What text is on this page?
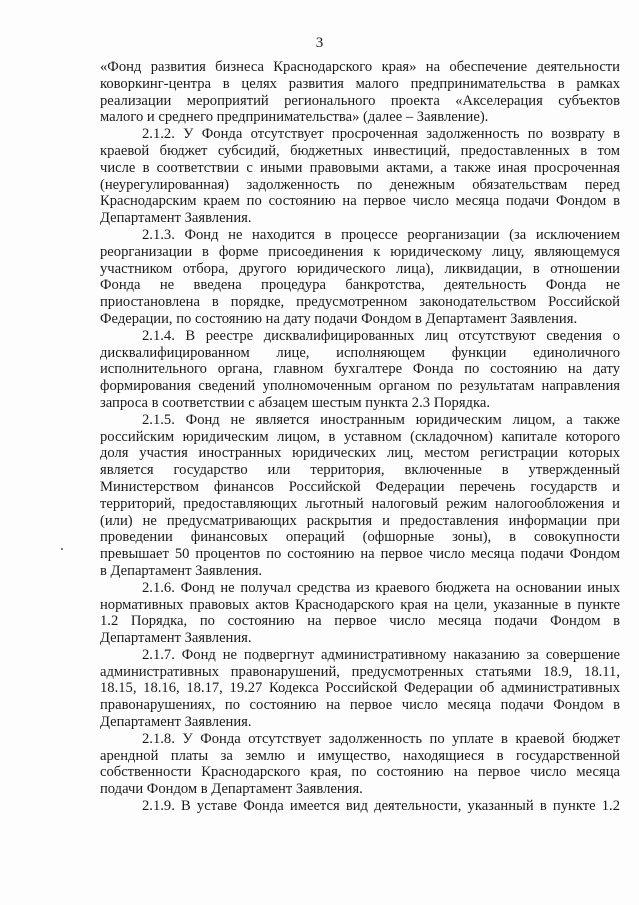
3
«Фонд развития бизнеса Краснодарского края» на обеспечение деятельности
коворкинг-центра в целях развития малого предпринимательства в рамках
реализации мероприятий регионального проекта «Акселерация субъектов
малого и среднего предпринимательства» (далее – Заявление).
2.1.2. У Фонда отсутствует просроченная задолженность по возврату в
краевой бюджет субсидий, бюджетных инвестиций, предоставленных в том
числе в соответствии с иными правовыми актами, а также иная просроченная
(неурегулированная) задолженность по денежным обязательствам перед
Краснодарским краем по состоянию на первое число месяца подачи Фондом в
Департамент Заявления.
2.1.3. Фонд не находится в процессе реорганизации (за исключением
реорганизации в форме присоединения к юридическому лицу, являющемуся
участником отбора, другого юридического лица), ликвидации, в отношении
Фонда не введена процедура банкротства, деятельность Фонда не
приостановлена в порядке, предусмотренном законодательством Российской
Федерации, по состоянию на дату подачи Фондом в Департамент Заявления.
2.1.4. В реестре дисквалифицированных лиц отсутствуют сведения о
дисквалифицированном лице, исполняющем функции единоличного
исполнительного органа, главном бухгалтере Фонда по состоянию на дату
формирования сведений уполномоченным органом по результатам направления
запроса в соответствии с абзацем шестым пункта 2.3 Порядка.
2.1.5. Фонд не является иностранным юридическим лицом, а также
российским юридическим лицом, в уставном (складочном) капитале которого
доля участия иностранных юридических лиц, местом регистрации которых
является государство или территория, включенные в утвержденный
Министерством финансов Российской Федерации перечень государств и
территорий, предоставляющих льготный налоговый режим налогообложения и
(или) не предусматривающих раскрытия и предоставления информации при
проведении финансовых операций (офшорные зоны), в совокупности
превышает 50 процентов по состоянию на первое число месяца подачи Фондом
в Департамент Заявления.
2.1.6. Фонд не получал средства из краевого бюджета на основании иных
нормативных правовых актов Краснодарского края на цели, указанные в пункте
1.2 Порядка, по состоянию на первое число месяца подачи Фондом в
Департамент Заявления.
2.1.7. Фонд не подвергнут административному наказанию за совершение
административных правонарушений, предусмотренных статьями 18.9, 18.11,
18.15, 18.16, 18.17, 19.27 Кодекса Российской Федерации об административных
правонарушениях, по состоянию на первое число месяца подачи Фондом в
Департамент Заявления.
2.1.8. У Фонда отсутствует задолженность по уплате в краевой бюджет
арендной платы за землю и имущество, находящиеся в государственной
собственности Краснодарского края, по состоянию на первое число месяца
подачи Фондом в Департамент Заявления.
2.1.9. В уставе Фонда имеется вид деятельности, указанный в пункте 1.2
